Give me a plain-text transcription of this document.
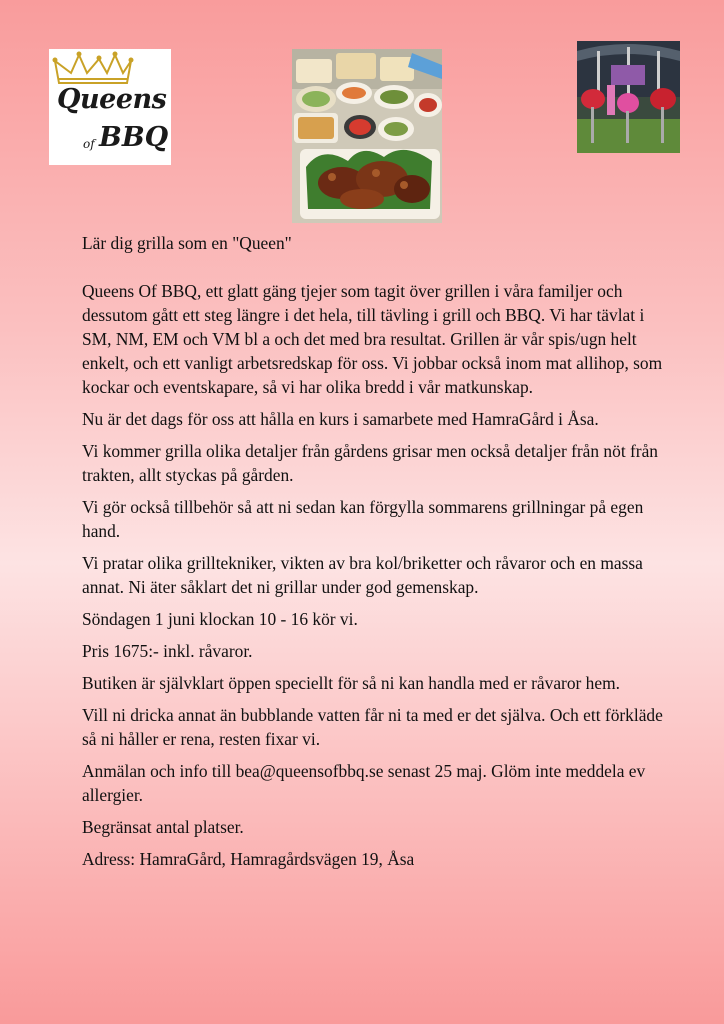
Queens
of BBQ

Lär dig grilla som en "Queen"

Queens Of BBQ, ett glatt gäng tjejer som tagit över grillen i våra familjer och dessutom gått ett steg längre i det hela, till tävling i grill och BBQ. Vi har tävlat i SM, NM, EM och VM bl a och det med bra resultat. Grillen är vår spis/ugn helt enkelt, och ett vanligt arbetsredskap för oss. Vi jobbar också inom mat allihop, som kockar och eventskapare, så vi har olika bredd i vår matkunskap.

Nu är det dags för oss att hålla en kurs i samarbete med HamraGård i Åsa.

Vi kommer grilla olika detaljer från gårdens grisar men också detaljer från nöt från trakten, allt styckas på gården.

Vi gör också tillbehör så att ni sedan kan förgylla sommarens grillningar på egen hand.

Vi pratar olika grilltekniker, vikten av bra kol/briketter och råvaror och en massa annat. Ni äter såklart det ni grillar under god gemenskap.

Söndagen 1 juni klockan 10 - 16 kör vi.

Pris 1675:- inkl. råvaror.

Butiken är självklart öppen speciellt för så ni kan handla med er råvaror hem.

Vill ni dricka annat än bubblande vatten får ni ta med er det själva. Och ett förkläde så ni håller er rena, resten fixar vi.

Anmälan och info till bea@queensofbbq.se senast 25 maj. Glöm inte meddela ev allergier.

Begränsat antal platser.

Adress: HamraGård, Hamragårdsvägen 19, Åsa
